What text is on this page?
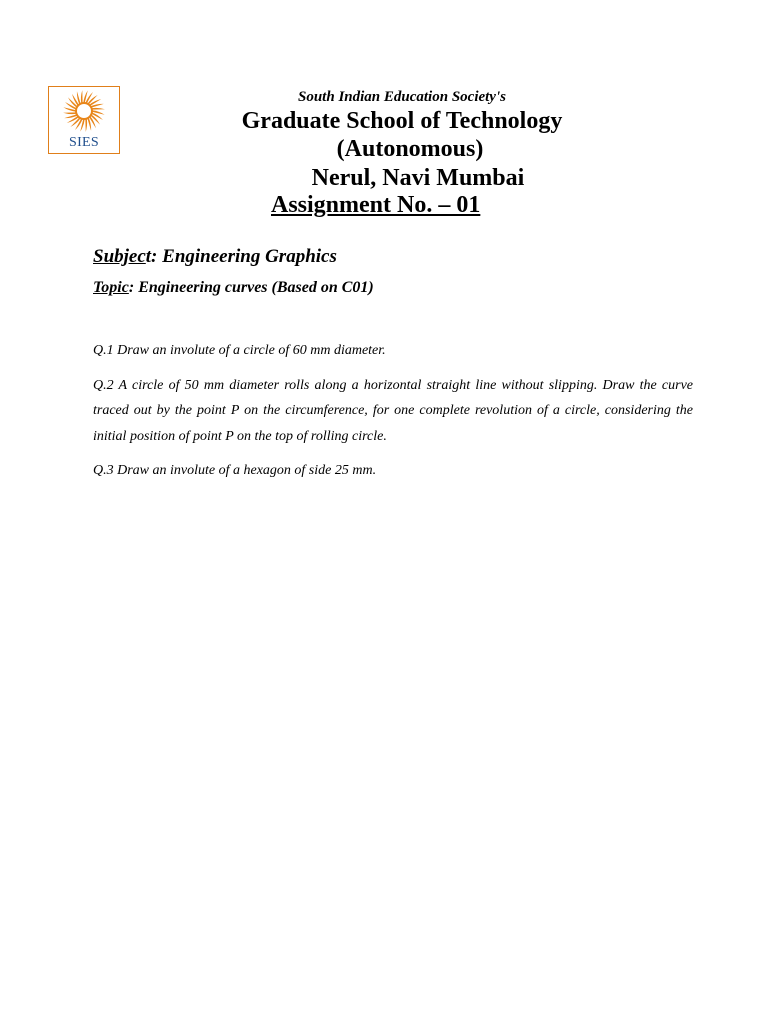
SIES
South Indian Education Society's
Graduate School of Technology
(Autonomous)
Nerul, Navi Mumbai
Assignment No. – 01
Subject: Engineering Graphics
Topic: Engineering curves (Based on C01)

Q.1 Draw an involute of a circle of 60 mm diameter.

Q.2 A circle of 50 mm diameter rolls along a horizontal straight line without slipping. Draw the curve traced out by the point P on the circumference, for one complete revolution of a circle, considering the initial position of point P on the top of rolling circle.

Q.3 Draw an involute of a hexagon of side 25 mm.
